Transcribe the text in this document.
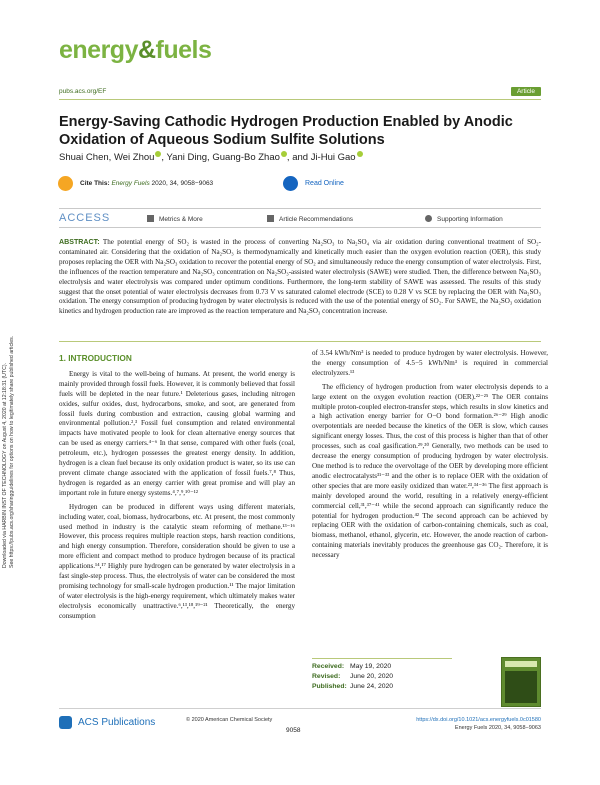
Downloaded via HARBIN INST OF TECHNOLOGY on August 4, 2020 at 12:18:31 (UTC). See https://pubs.acs.org/sharingguidelines for options on how to legitimately share published articles.
energy&fuels
pubs.acs.org/EF	Article
Energy-Saving Cathodic Hydrogen Production Enabled by Anodic Oxidation of Aqueous Sodium Sulfite Solutions
Shuai Chen, Wei Zhou , Yani Ding, Guang-Bo Zhao , and Ji-Hui Gao
Cite This: Energy Fuels 2020, 34, 9058−9063	Read Online
ACCESS	Metrics & More	Article Recommendations	Supporting Information
ABSTRACT: The potential energy of SO₂ is wasted in the process of converting Na₂SO₃ to Na₂SO₄ via air oxidation during conventional treatment of SO₂-contaminated air. Considering that the oxidation of Na₂SO₃ is thermodynamically and kinetically much easier than the oxygen evolution reaction (OER), this study proposes replacing the OER with Na₂SO₃ oxidation to recover the potential energy of SO₂ and simultaneously reduce the energy consumption of water electrolysis. First, the influences of the reaction temperature and Na₂SO₃ concentration on Na₂SO₃-assisted water electrolysis (SAWE) were studied. Then, the difference between Na₂SO₃ electrolysis and water electrolysis was compared under optimum conditions. Furthermore, the long-term stability of SAWE was assessed. The results of this study suggest that the onset potential of water electrolysis decreases from 0.73 V vs saturated calomel electrode (SCE) to 0.28 V vs SCE by replacing the OER with Na₂SO₃ oxidation. The energy consumption of producing hydrogen by water electrolysis is reduced with the use of the potential energy of SO₂. For SAWE, the Na₂SO₃ oxidation kinetics and hydrogen production rate are improved as the reaction temperature and Na₂SO₃ concentration increase.
1. INTRODUCTION

Energy is vital to the well-being of humans. At present, the world energy is mainly provided through fossil fuels. However, it is commonly believed that fossil fuels will be depleted in the near future.¹ Deleterious gases, including nitrogen oxides, sulfur oxides, dust, hydrocarbons, smoke, and soot, are generated from fossil fuels during combustion and extraction, causing global warming and environmental pollution.²,³ Fossil fuel consumption and related environmental impacts have motivated people to look for clean alternative energy sources that can be used as energy carriers.⁴⁻⁶ In that sense, compared with other fuels (coal, petroleum, etc.), hydrogen possesses the greatest energy density. In addition, hydrogen is a clean fuel because its only oxidation product is water, so its use can prevent climate change associated with the application of fossil fuels.⁷,⁸ Thus, hydrogen is regarded as an energy carrier with great promise and will play an important role in future energy systems.⁴,⁷,⁹,¹⁰⁻¹²

Hydrogen can be produced in different ways using different materials, including water, coal, biomass, hydrocarbons, etc. At present, the most commonly used method in industry is the catalytic steam reforming of methane.¹³⁻¹⁶ However, this process requires multiple reaction steps, harsh reaction conditions, and high energy consumption. Therefore, consideration should be given to use a more efficient and compact method to produce hydrogen because of its practical applications.¹⁴,¹⁷ Highly pure hydrogen can be generated by water electrolysis in a fast single-step process. Thus, the electrolysis of water can be considered the most promising technology for small-scale hydrogen production.¹¹ The major limitation of water electrolysis is the high-energy requirement, which ultimately makes water electrolysis economically unattractive.⁶,¹³,¹⁸,¹⁹⁻²¹ Theoretically, the energy consumption

of 3.54 kWh/Nm³ is needed to produce hydrogen by water electrolysis. However, the energy consumption of 4.5−5 kWh/Nm³ is required in commercial electrolyzers.¹³

The efficiency of hydrogen production from water electrolysis depends to a large extent on the oxygen evolution reaction (OER).²²⁻²⁵ The OER contains multiple proton-coupled electron-transfer steps, which results in slow kinetics and a high activation energy barrier for O−O bond formation.²⁶⁻²⁹ High anodic overpotentials are needed because the kinetics of the OER is slow, which causes significant energy losses. Thus, the cost of this process is higher than that of other processes, such as coal gasification.²⁹,³⁰ Generally, two methods can be used to decrease the energy consumption of producing hydrogen by water electrolysis. One method is to reduce the overvoltage of the OER by developing more efficient anodic electrocatalysts³¹⁻³³ and the other is to replace OER with the oxidation of other species that are more easily oxidized than water.²³,³⁴⁻³⁶ The first approach is mainly developed around the world, resulting in a relatively energy-efficient commercial cell,³¹,³⁷⁻⁴¹ while the second approach can significantly reduce the potential for hydrogen production.⁴² The second approach can be achieved by replacing OER with the oxidation of carbon-containing chemicals, such as coal, biomass, methanol, ethanol, glycerin, etc. However, the anode reaction of carbon-containing materials inevitably produces the greenhouse gas CO₂. Therefore, it is necessary

Received: May 19, 2020
Revised: June 20, 2020
Published: June 24, 2020
ACS Publications	© 2020 American Chemical Society
9058
https://dx.doi.org/10.1021/acs.energyfuels.0c01580
Energy Fuels 2020, 34, 9058−9063
